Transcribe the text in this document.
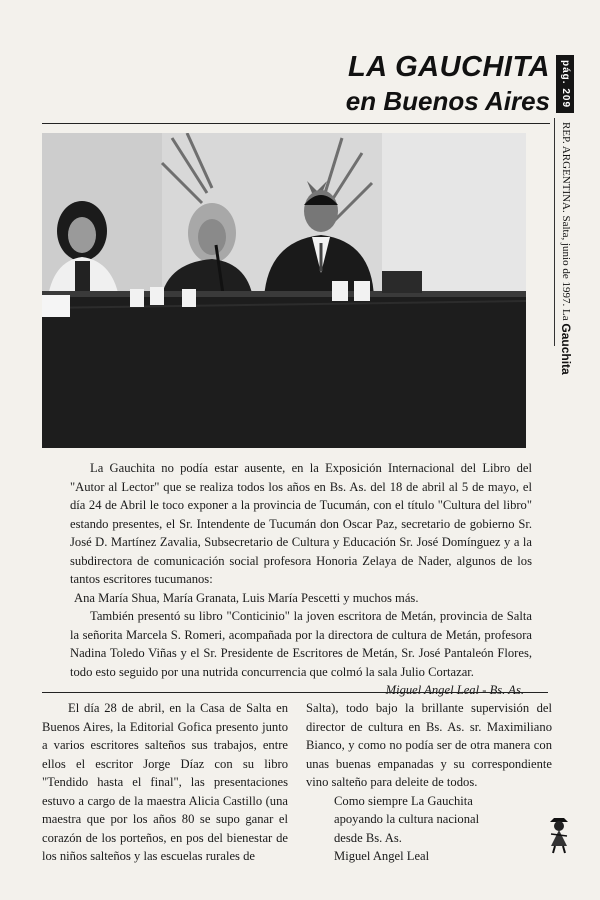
LA GAUCHITA
en Buenos Aires	pág. 209
REP. ARGENTINA. Salta, junio de 1997. La Gauchita

La Gauchita no podía estar ausente, en la Exposición Internacional del Libro del "Autor al Lector" que se realiza todos los años en Bs. As. del 18 de abril al 5 de mayo, el día 24 de Abril le toco exponer a la provincia de Tucumán, con el título "Cultura del libro" estando presentes, el Sr. Intendente de Tucumán don Oscar Paz, secretario de gobierno Sr. José D. Martínez Zavalia, Subsecretario de Cultura y Educación Sr. José Domínguez y a la subdirectora de comunicación social profesora Honoria Zelaya de Nader, algunos de los tantos escritores tucumanos:

Ana María Shua, María Granata, Luis María Pescetti y muchos más.

También presentó su libro "Conticinio" la joven escritora de Metán, provincia de Salta la señorita Marcela S. Romeri, acompañada por la directora de cultura de Metán, profesora Nadina Toledo Viñas y el Sr. Presidente de Escritores de Metán, Sr. José Pantaleón Flores, todo esto seguido por una nutrida concurrencia que colmó la sala Julio Cortazar.

Miguel Angel Leal - Bs. As.

El día 28 de abril, en la Casa de Salta en Buenos Aires, la Editorial Gofica presento junto a varios escritores salteños sus trabajos, entre ellos el escritor Jorge Díaz con su libro "Tendido hasta el final", las presentaciones estuvo a cargo de la maestra Alicia Castillo (una maestra que por los años 80 se supo ganar el corazón de los porteños, en pos del bienestar de los niños salteños y las escuelas rurales de

Salta), todo bajo la brillante supervisión del director de cultura en Bs. As. sr. Maximiliano Bianco, y como no podía ser de otra manera con unas buenas empanadas y su correspondiente vino salteño para deleite de todos.

Como siempre La Gauchita

apoyando la cultura nacional

desde Bs. As.

Miguel Angel Leal
